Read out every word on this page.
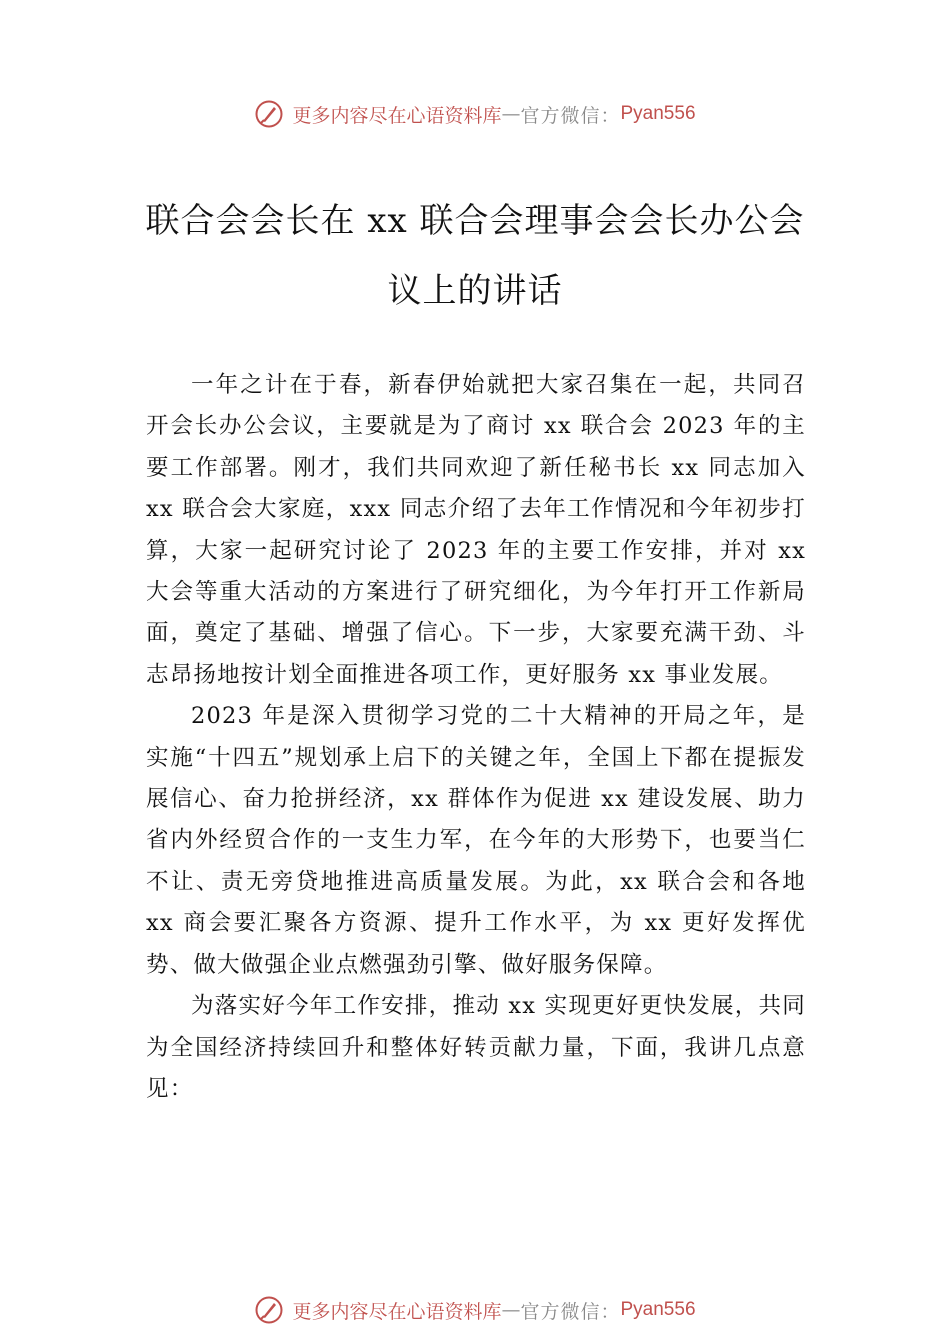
更多内容尽在心语资料库 — 官方微信： Pyan556
联合会会长在 xx 联合会理事会会长办公会
议上的讲话

一年之计在于春，新春伊始就把大家召集在一起，共同召开会长办公会议，主要就是为了商讨 xx 联合会 2023 年的主要工作部署。刚才，我们共同欢迎了新任秘书长 xx 同志加入 xx 联合会大家庭，xxx 同志介绍了去年工作情况和今年初步打算，大家一起研究讨论了 2023 年的主要工作安排，并对 xx 大会等重大活动的方案进行了研究细化，为今年打开工作新局面，奠定了基础、增强了信心。下一步，大家要充满干劲、斗志昂扬地按计划全面推进各项工作，更好服务 xx 事业发展。

2023 年是深入贯彻学习党的二十大精神的开局之年，是实施“十四五”规划承上启下的关键之年，全国上下都在提振发展信心、奋力抢拼经济，xx 群体作为促进 xx 建设发展、助力省内外经贸合作的一支生力军，在今年的大形势下，也要当仁不让、责无旁贷地推进高质量发展。为此，xx 联合会和各地 xx 商会要汇聚各方资源、提升工作水平，为 xx 更好发挥优势、做大做强企业点燃强劲引擎、做好服务保障。

为落实好今年工作安排，推动 xx 实现更好更快发展，共同为全国经济持续回升和整体好转贡献力量，下面，我讲几点意见：

更多内容尽在心语资料库 — 官方微信： Pyan556
